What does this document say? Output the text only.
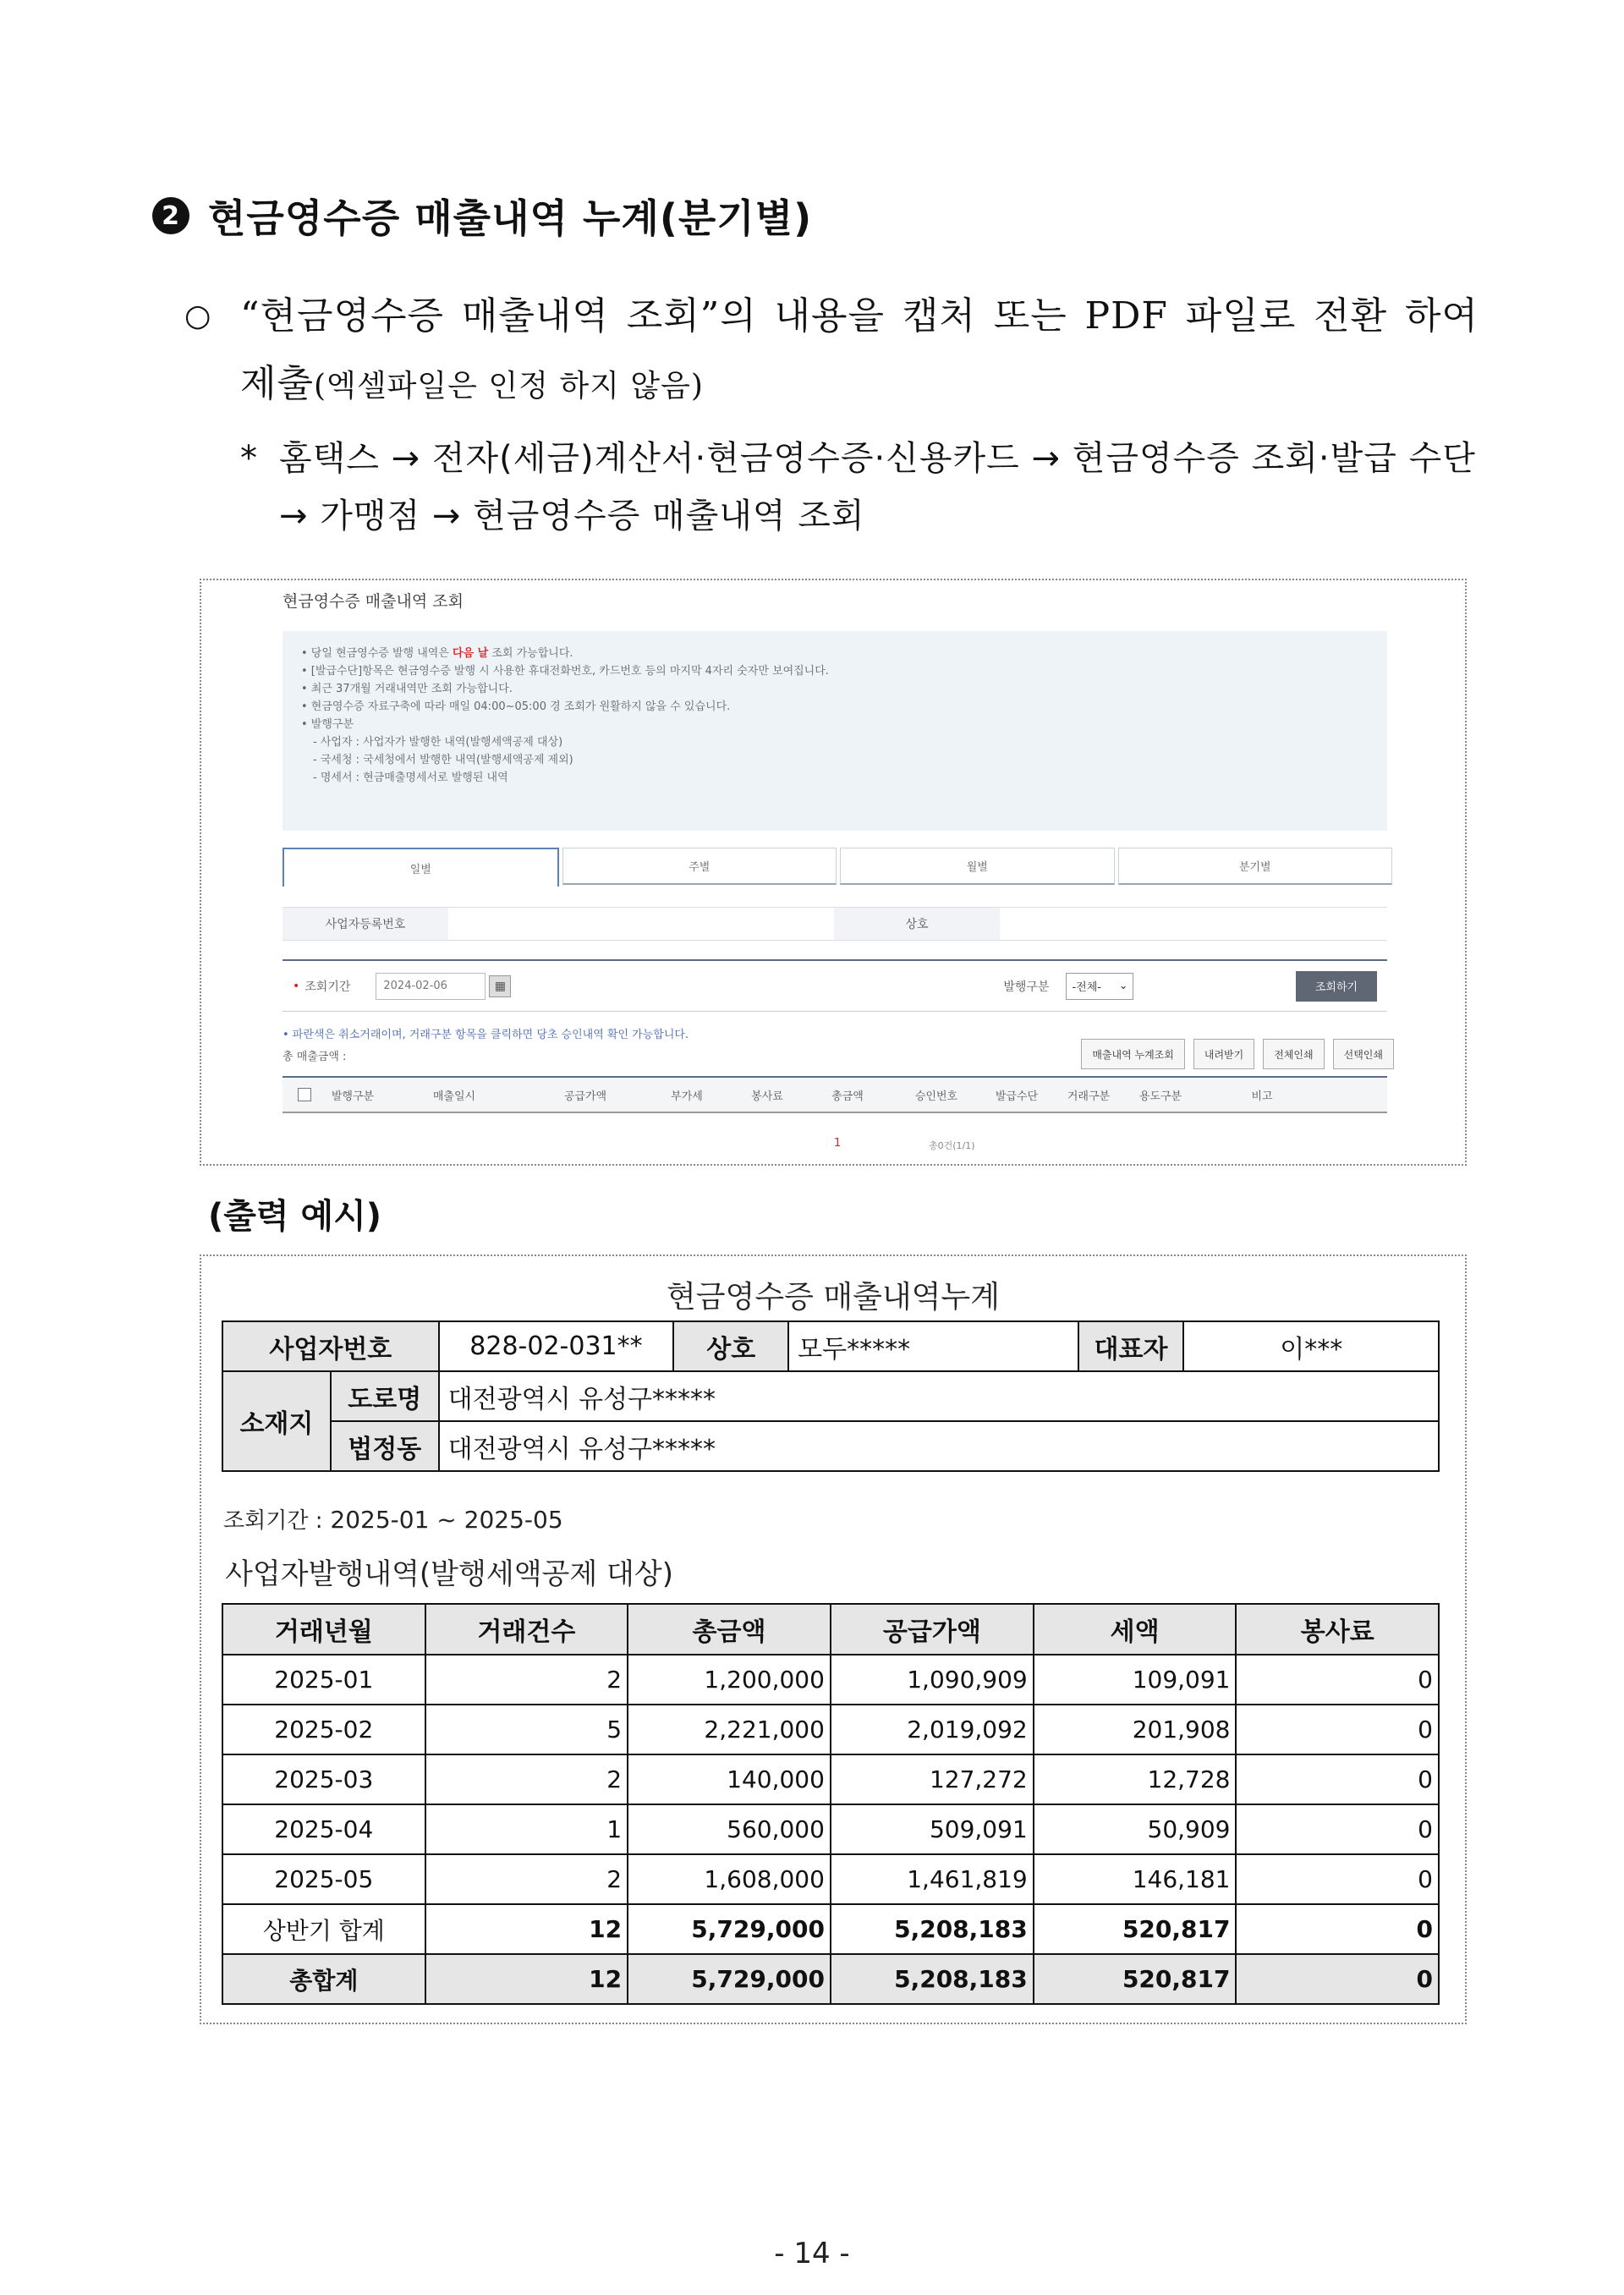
2 현금영수증 매출내역 누계(분기별)
○ “현금영수증 매출내역 조회”의 내용을 캡처 또는 PDF 파일로 전환 하여 제출(엑셀파일은 인정 하지 않음)
* 홈택스 → 전자(세금)계산서·현금영수증·신용카드 → 현금영수증 조회·발급 수단 → 가맹점 → 현금영수증 매출내역 조회
현금영수증 매출내역 조회
• 당일 현금영수증 발행 내역은 다음 날 조회 가능합니다.
• [발급수단]항목은 현금영수증 발행 시 사용한 휴대전화번호, 카드번호 등의 마지막 4자리 숫자만 보여집니다.
• 최근 37개월 거래내역만 조회 가능합니다.
• 현금영수증 자료구축에 따라 매일 04:00~05:00 경 조회가 원활하지 않을 수 있습니다.
• 발행구분
- 사업자 : 사업자가 발행한 내역(발행세액공제 대상)
- 국세청 : 국세청에서 발행한 내역(발행세액공제 제외)
- 명세서 : 현금매출명세서로 발행된 내역
일별	주별	월별	분기별
사업자등록번호	상호
• 조회기간	2024-02-06	▦	발행구분 -전체- ⌄	조회하기
• 파란색은 취소거래이며, 거래구분 항목을 클릭하면 당초 승인내역 확인 가능합니다.
총 매출금액 :	매출내역 누계조회	내려받기	전체인쇄	선택인쇄
발행구분	매출일시	공급가액	부가세	봉사료	총금액	승인번호	발급수단	거래구분	용도구분	비고
1	총0건(1/1)
(출력 예시)
현금영수증 매출내역누계
사업자번호		828-02-031**	상호	모두*****	대표자	이***
소재지	도로명	대전광역시 유성구*****				
	법정동	대전광역시 유성구*****				
조회기간 : 2025-01 ~ 2025-05
사업자발행내역(발행세액공제 대상)
거래년월	거래건수	총금액	공급가액	세액	봉사료
2025-01	2	1,200,000	1,090,909	109,091	0
2025-02	5	2,221,000	2,019,092	201,908	0
2025-03	2	140,000	127,272	12,728	0
2025-04	1	560,000	509,091	50,909	0
2025-05	2	1,608,000	1,461,819	146,181	0
상반기 합계	12	5,729,000	5,208,183	520,817	0
총합계	12	5,729,000	5,208,183	520,817	0
- 14 -
